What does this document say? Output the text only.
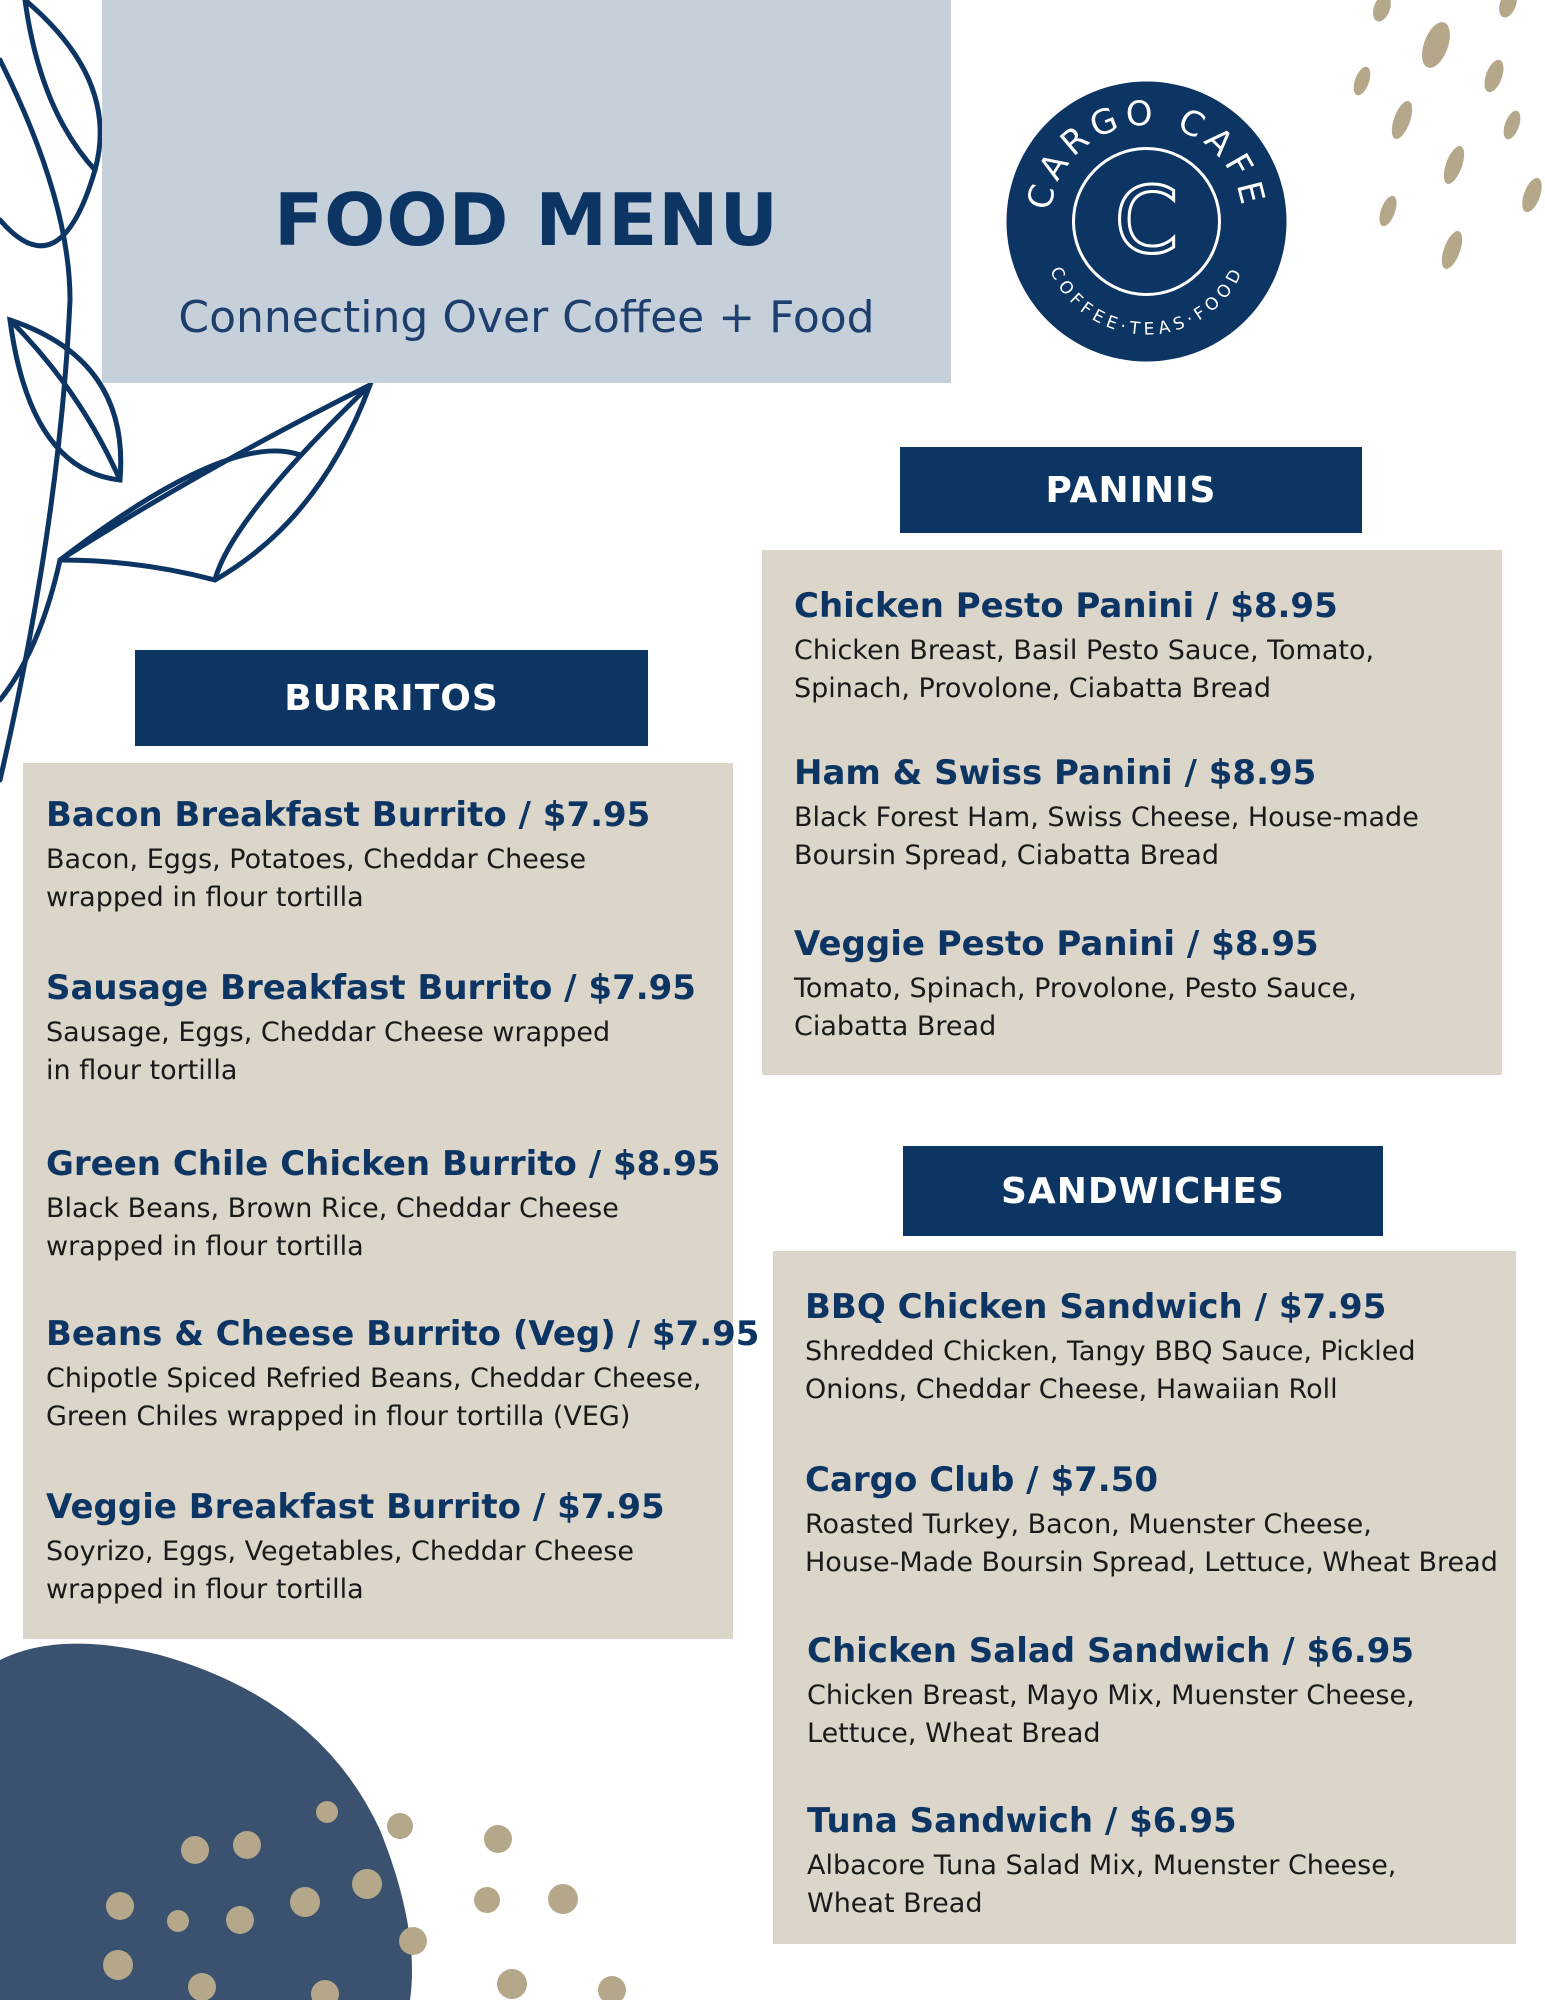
FOOD MENU
Connecting Over Coffee + Food
CARGO CAFE
COFFEE·TEAS·FOOD
C
BURRITOS
Bacon Breakfast Burrito / $7.95
Bacon, Eggs, Potatoes, Cheddar Cheese
wrapped in flour tortilla
Sausage Breakfast Burrito / $7.95
Sausage, Eggs, Cheddar Cheese wrapped
in flour tortilla
Green Chile Chicken Burrito / $8.95
Black Beans, Brown Rice, Cheddar Cheese
wrapped in flour tortilla
Beans & Cheese Burrito (Veg) / $7.95
Chipotle Spiced Refried Beans, Cheddar Cheese,
Green Chiles wrapped in flour tortilla (VEG)
Veggie Breakfast Burrito / $7.95
Soyrizo, Eggs, Vegetables, Cheddar Cheese
wrapped in flour tortilla
PANINIS
Chicken Pesto Panini / $8.95
Chicken Breast, Basil Pesto Sauce, Tomato,
Spinach, Provolone, Ciabatta Bread
Ham & Swiss Panini / $8.95
Black Forest Ham, Swiss Cheese, House-made
Boursin Spread, Ciabatta Bread
Veggie Pesto Panini / $8.95
Tomato, Spinach, Provolone, Pesto Sauce,
Ciabatta Bread
SANDWICHES
BBQ Chicken Sandwich / $7.95
Shredded Chicken, Tangy BBQ Sauce, Pickled
Onions, Cheddar Cheese, Hawaiian Roll
Cargo Club / $7.50
Roasted Turkey, Bacon, Muenster Cheese,
House-Made Boursin Spread, Lettuce, Wheat Bread
Chicken Salad Sandwich / $6.95
Chicken Breast, Mayo Mix, Muenster Cheese,
Lettuce, Wheat Bread
Tuna Sandwich / $6.95
Albacore Tuna Salad Mix, Muenster Cheese,
Wheat Bread
